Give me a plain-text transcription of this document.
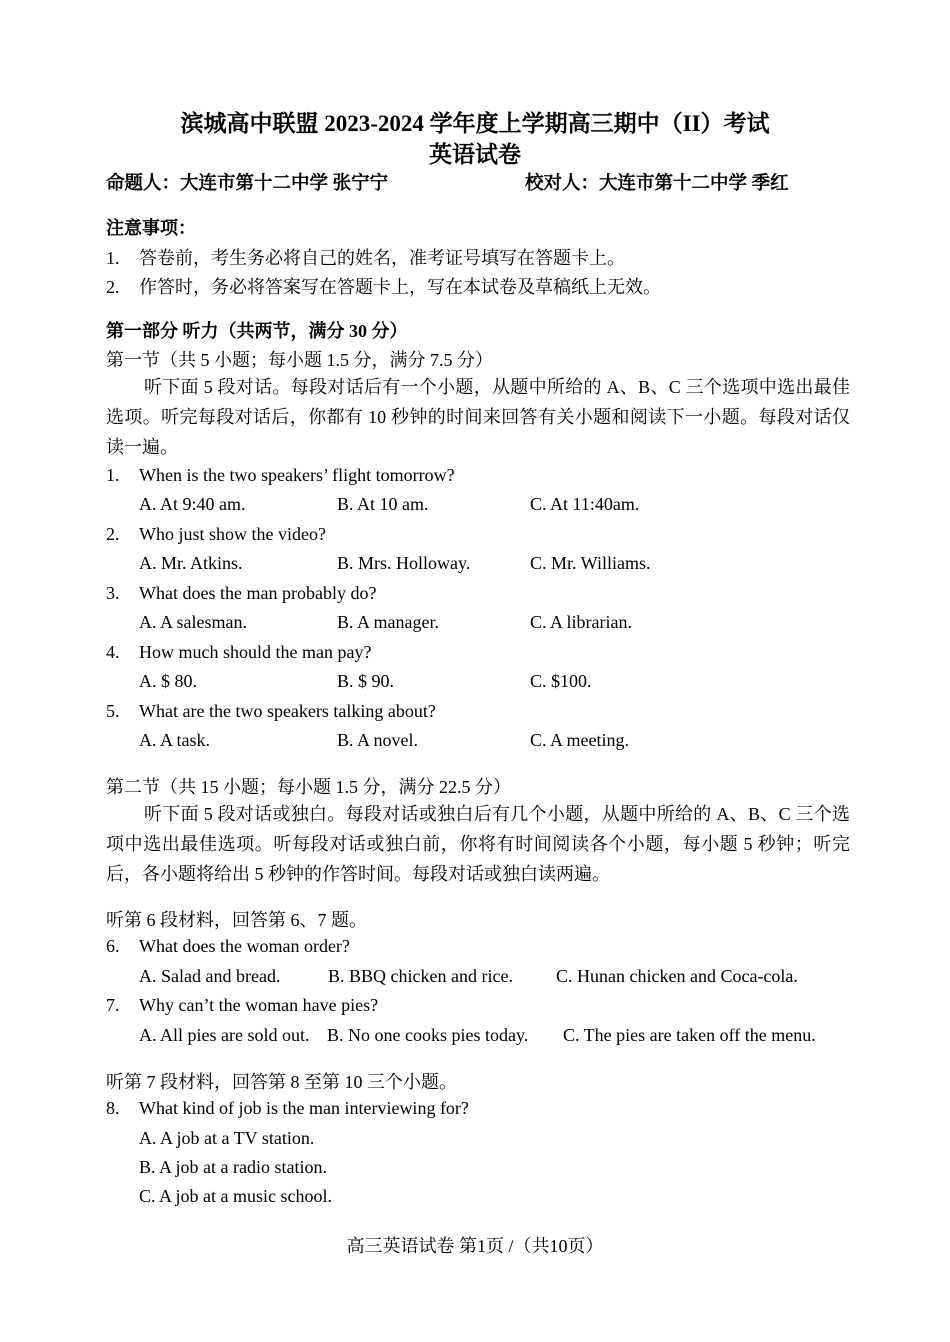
滨城高中联盟 2023-2024 学年度上学期高三期中（II）考试
英语试卷
命题人：大连市第十二中学 张宁宁	校对人：大连市第十二中学 季红
注意事项：
1. 答卷前，考生务必将自己的姓名，准考证号填写在答题卡上。
2. 作答时，务必将答案写在答题卡上，写在本试卷及草稿纸上无效。
第一部分 听力（共两节，满分 30 分）
第一节（共 5 小题；每小题 1.5 分，满分 7.5 分）
听下面 5 段对话。每段对话后有一个小题，从题中所给的 A、B、C 三个选项中选出最佳选项。听完每段对话后，你都有 10 秒钟的时间来回答有关小题和阅读下一小题。每段对话仅读一遍。
1. When is the two speakers’ flight tomorrow?
A. At 9:40 am.	B. At 10 am.	C. At 11:40am.
2. Who just show the video?
A. Mr. Atkins.	B. Mrs. Holloway.	C. Mr. Williams.
3. What does the man probably do?
A. A salesman.	B. A manager.	C. A librarian.
4. How much should the man pay?
A. $ 80.	B. $ 90.	C. $100.
5. What are the two speakers talking about?
A. A task.	B. A novel.	C. A meeting.
第二节（共 15 小题；每小题 1.5 分，满分 22.5 分）
听下面 5 段对话或独白。每段对话或独白后有几个小题，从题中所给的 A、B、C 三个选项中选出最佳选项。听每段对话或独白前，你将有时间阅读各个小题，每小题 5 秒钟；听完后，各小题将给出 5 秒钟的作答时间。每段对话或独白读两遍。
听第 6 段材料，回答第 6、7 题。
6. What does the woman order?
A. Salad and bread.	B. BBQ chicken and rice. C. Hunan chicken and Coca-cola.
7. Why can’t the woman have pies?
A. All pies are sold out. B. No one cooks pies today. C. The pies are taken off the menu.
听第 7 段材料，回答第 8 至第 10 三个小题。
8. What kind of job is the man interviewing for?
A. A job at a TV station.
B. A job at a radio station.
C. A job at a music school.
高三英语试卷 第1页 /（共10页）
